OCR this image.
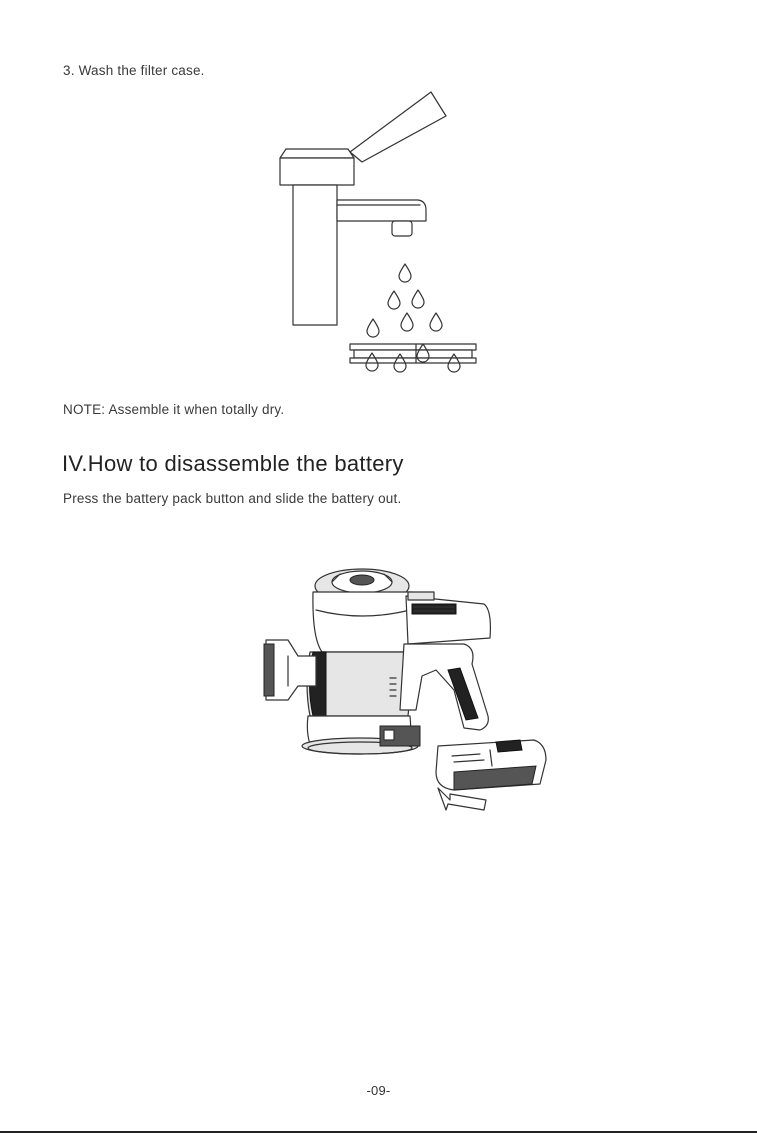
3. Wash the filter case.
NOTE: Assemble it when totally dry.
IV.How to disassemble the battery
Press the battery pack button and slide the battery out.
-09-
